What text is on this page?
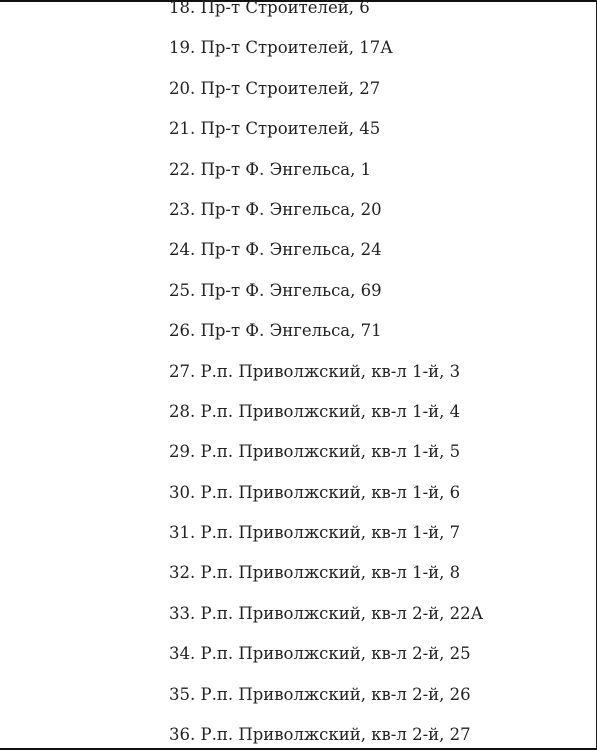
18. Пр-т Строителей, 6
19. Пр-т Строителей, 17А
20. Пр-т Строителей, 27
21. Пр-т Строителей, 45
22. Пр-т Ф. Энгельса, 1
23. Пр-т Ф. Энгельса, 20
24. Пр-т Ф. Энгельса, 24
25. Пр-т Ф. Энгельса, 69
26. Пр-т Ф. Энгельса, 71
27. Р.п. Приволжский, кв-л 1-й, 3
28. Р.п. Приволжский, кв-л 1-й, 4
29. Р.п. Приволжский, кв-л 1-й, 5
30. Р.п. Приволжский, кв-л 1-й, 6
31. Р.п. Приволжский, кв-л 1-й, 7
32. Р.п. Приволжский, кв-л 1-й, 8
33. Р.п. Приволжский, кв-л 2-й, 22А
34. Р.п. Приволжский, кв-л 2-й, 25
35. Р.п. Приволжский, кв-л 2-й, 26
36. Р.п. Приволжский, кв-л 2-й, 27
